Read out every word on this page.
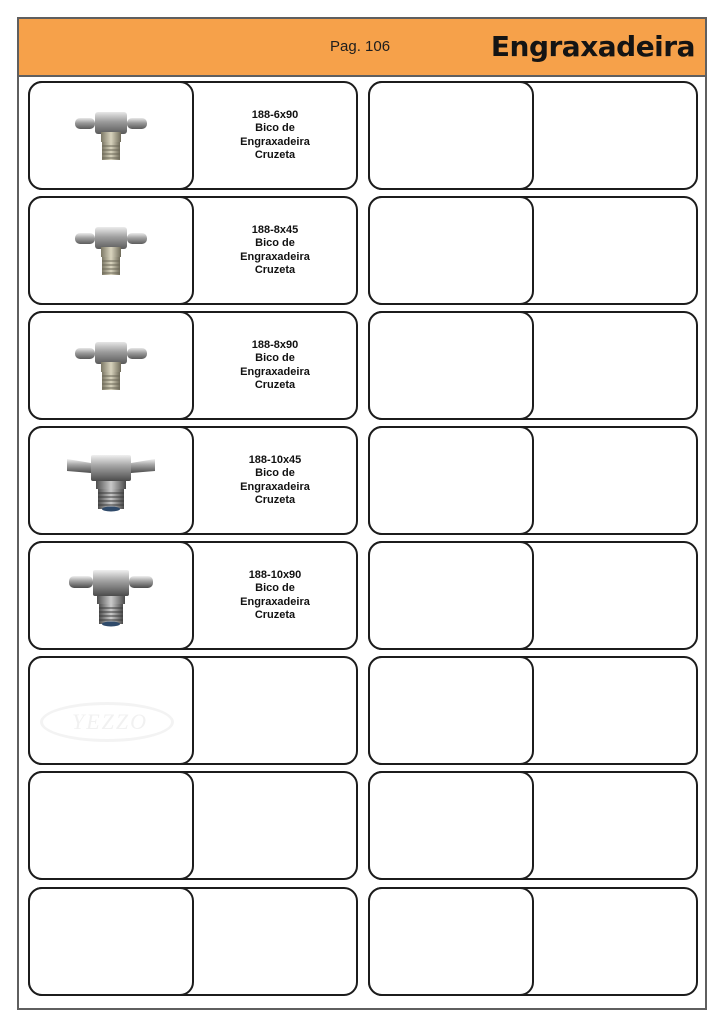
Pag. 106	Engraxadeira
188-6x90
Bico de
Engraxadeira
Cruzeta
188-8x45
Bico de
Engraxadeira
Cruzeta
188-8x90
Bico de
Engraxadeira
Cruzeta
188-10x45
Bico de
Engraxadeira
Cruzeta
188-10x90
Bico de
Engraxadeira
Cruzeta
YEZZO
